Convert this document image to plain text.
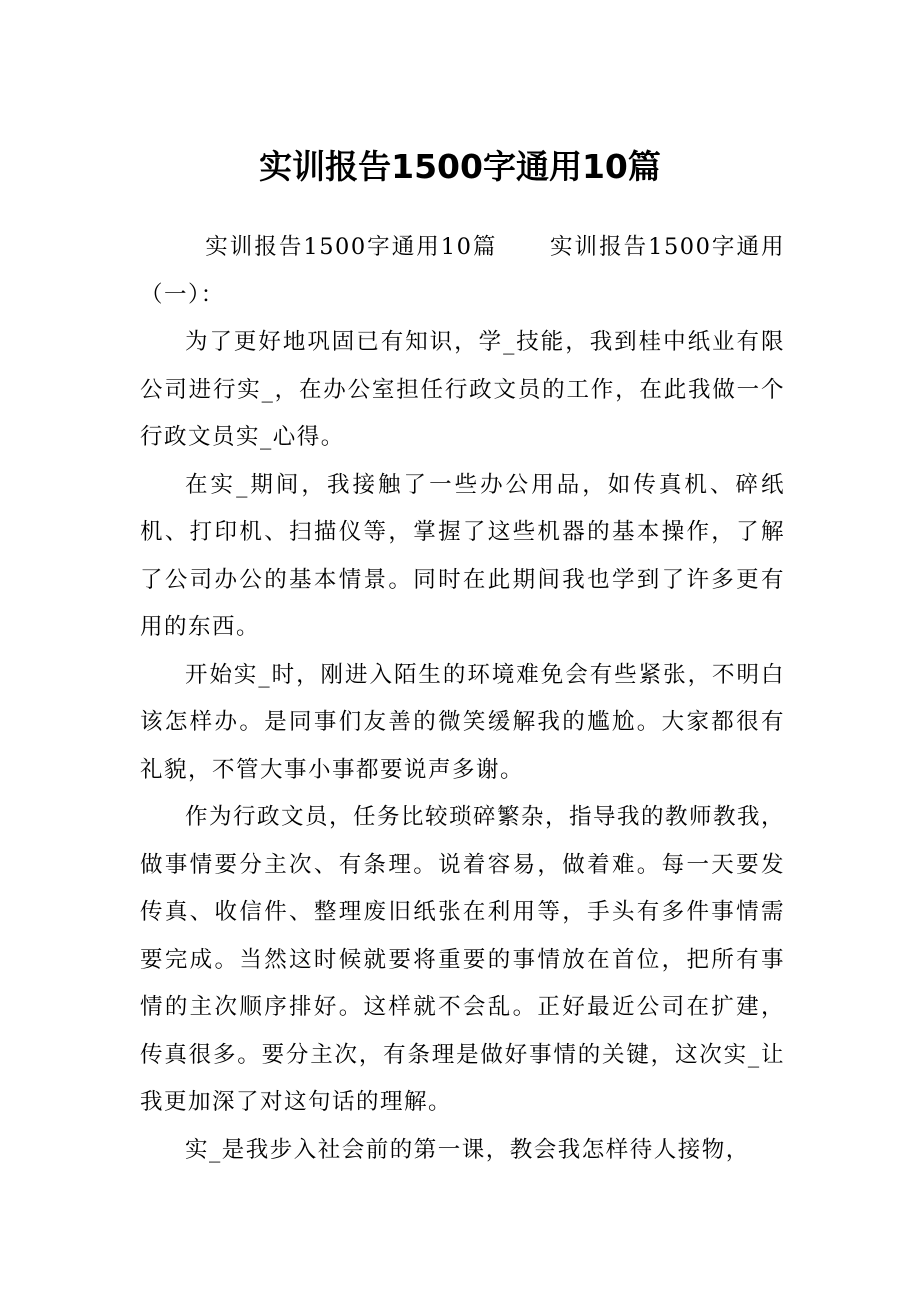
实训报告1500字通用10篇

实训报告1500字通用10篇 实训报告1500字通用（一）：

为了更好地巩固已有知识，学_技能，我到桂中纸业有限公司进行实_，在办公室担任行政文员的工作，在此我做一个行政文员实_心得。

在实_期间，我接触了一些办公用品，如传真机、碎纸机、打印机、扫描仪等，掌握了这些机器的基本操作，了解了公司办公的基本情景。同时在此期间我也学到了许多更有用的东西。

开始实_时，刚进入陌生的环境难免会有些紧张，不明白该怎样办。是同事们友善的微笑缓解我的尴尬。大家都很有礼貌，不管大事小事都要说声多谢。

作为行政文员，任务比较琐碎繁杂，指导我的教师教我，做事情要分主次、有条理。说着容易，做着难。每一天要发传真、收信件、整理废旧纸张在利用等，手头有多件事情需要完成。当然这时候就要将重要的事情放在首位，把所有事情的主次顺序排好。这样就不会乱。正好最近公司在扩建，传真很多。要分主次，有条理是做好事情的关键，这次实_让我更加深了对这句话的理解。

实_是我步入社会前的第一课，教会我怎样待人接物，
